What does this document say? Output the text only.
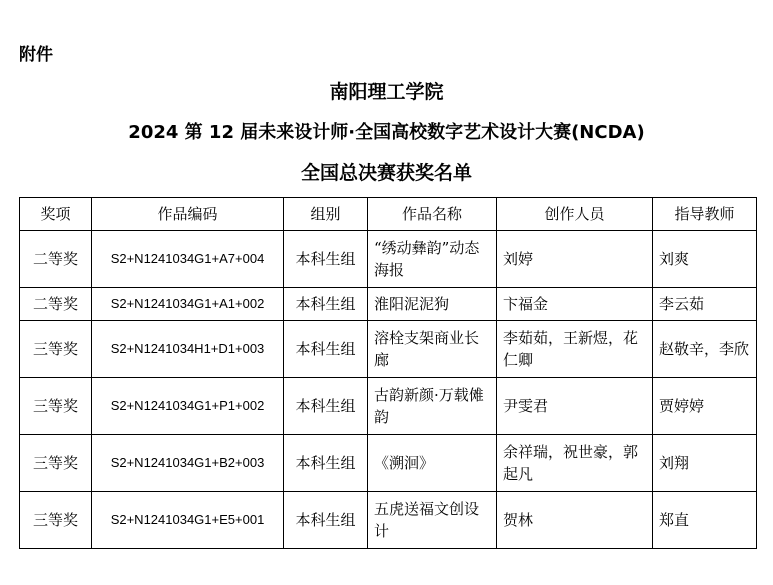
附件
南阳理工学院
2024 第 12 届未来设计师·全国高校数字艺术设计大赛(NCDA)
全国总决赛获奖名单
奖项	作品编码	组别	作品名称	创作人员	指导教师
二等奖	S2+N1241034G1+A7+004	本科生组	“绣动彝韵”动态海报	刘婷	刘爽
二等奖	S2+N1241034G1+A1+002	本科生组	淮阳泥泥狗	卞福金	李云茹
三等奖	S2+N1241034H1+D1+003	本科生组	溶栓支架商业长廊	李茹茹，王新煜，花仁卿	赵敬辛，李欣
三等奖	S2+N1241034G1+P1+002	本科生组	古韵新颜·万载傩韵	尹雯君	贾婷婷
三等奖	S2+N1241034G1+B2+003	本科生组	《溯洄》	余祥瑞，祝世豪，郭起凡	刘翔
三等奖	S2+N1241034G1+E5+001	本科生组	五虎送福文创设计	贺林	郑直
